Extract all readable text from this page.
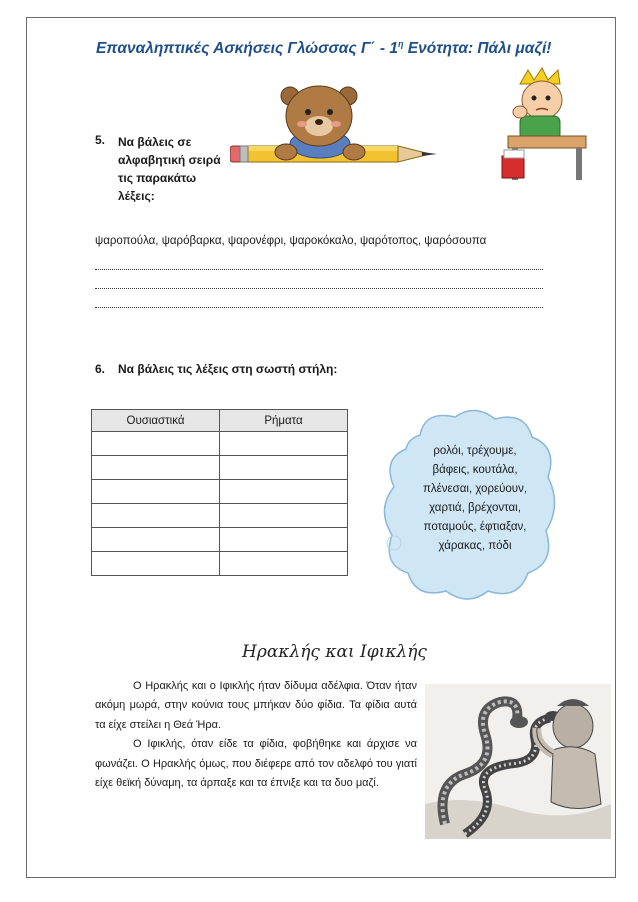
Επαναληπτικές Ασκήσεις Γλώσσας $\Gamma΄ - 1^\eta$ Ενότητα: Πάλι μαζί!
5. Να βάλεις σε αλφαβητική σειρά τις παρακάτω λέξεις:
ψαροπούλα, ψαρόβαρκα, ψαρονέφρι, ψαροκόκαλο, ψαρότοπος, ψαρόσουπα
6. Να βάλεις τις λέξεις στη σωστή στήλη:
Ουσιαστικά	Ρήματα

ρολόι, τρέχουμε,
βάφεις, κουτάλα,
πλένεσαι, χορεύουν,
χαρτιά, βρέχονται,
ποταμούς, έφτιαξαν,
χάρακας, πόδι
Ηρακλής και Ιφικλής

Ο Ηρακλής και ο Ιφικλής ήταν δίδυμα αδέλφια. Όταν ήταν ακόμη μωρά, στην κούνια τους μπήκαν δύο φίδια. Τα φίδια αυτά τα είχε στείλει η Θεά Ήρα.

Ο Ιφικλής, όταν είδε τα φίδια, φοβήθηκε και άρχισε να φωνάζει. Ο Ηρακλής όμως, που διέφερε από τον αδελφό του γιατί είχε θεϊκή δύναμη, τα άρπαξε και τα έπνιξε και τα δυο μαζί.
